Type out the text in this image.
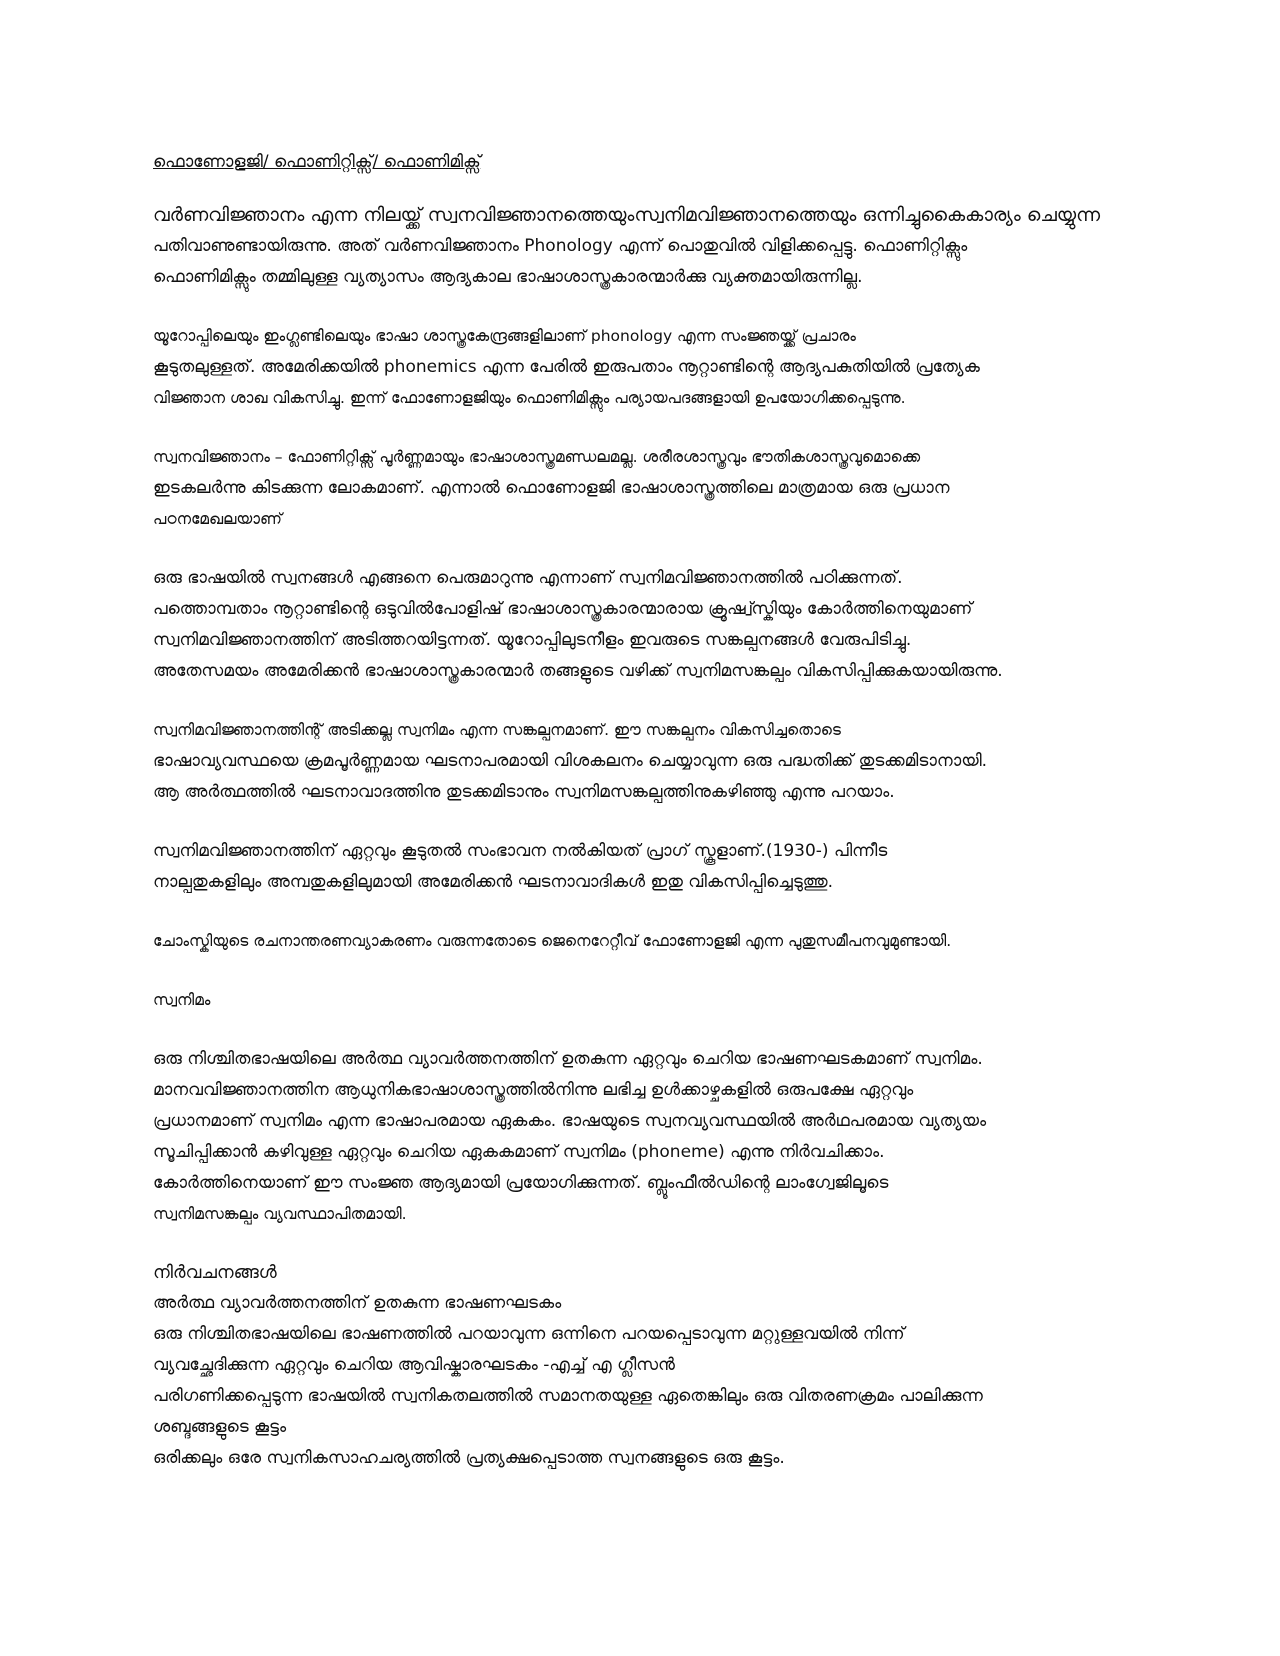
ഫൊണോളജി/ ഫൊണിറ്റിക്സ്/ ഫൊണിമിക്സ്
വർണവിജ്ഞാനം എന്ന നിലയ്ക്ക് സ്വനവിജ്ഞാനത്തെയുംസ്വനിമവിജ്ഞാനത്തെയും ഒന്നിച്ചുകൈകാര്യം ചെയ്യുന്ന
പതിവാണുണ്ടായിരുന്നു. അത് വർണവിജ്ഞാനം Phonology എന്ന് പൊതുവിൽ വിളിക്കപ്പെട്ടു. ഫൊണിറ്റിക്സും
ഫൊണിമിക്സും തമ്മിലുള്ള വ്യത്യാസം ആദ്യകാല ഭാഷാശാസ്ത്രകാരന്മാർക്കു വ്യക്തമായിരുന്നില്ല.
യൂറോപ്പിലെയും ഇംഗ്ലണ്ടിലെയും ഭാഷാ ശാസ്ത്രകേന്ദ്രങ്ങളിലാണ് phonology എന്ന സംജ്ഞയ്ക്ക് പ്രചാരം
കൂടുതലുള്ളത്. അമേരിക്കയിൽ phonemics എന്ന പേരിൽ ഇരുപതാം നൂറ്റാണ്ടിന്റെ ആദ്യപകുതിയിൽ പ്രത്യേക
വിജ്ഞാന ശാഖ വികസിച്ചു. ഇന്ന് ഫോണോളജിയും ഫൊണിമിക്സും പര്യായപദങ്ങളായി ഉപയോഗിക്കപ്പെടുന്നു.
സ്വനവിജ്ഞാനം – ഫോണിറ്റിക്സ് പൂർണ്ണമായും ഭാഷാശാസ്ത്രമണ്ഡലമല്ല. ശരീരശാസ്ത്രവും ഭൗതികശാസ്ത്രവുമൊക്കെ
ഇടകലർന്നു കിടക്കുന്ന ലോകമാണ്. എന്നാൽ ഫൊണോളജി ഭാഷാശാസ്ത്രത്തിലെ മാത്രമായ ഒരു പ്രധാന
പഠനമേഖലയാണ്
ഒരു ഭാഷയിൽ സ്വനങ്ങൾ എങ്ങനെ പെരുമാറുന്നു എന്നാണ് സ്വനിമവിജ്ഞാനത്തിൽ പഠിക്കുന്നത്.
പത്തൊമ്പതാം നൂറ്റാണ്ടിന്റെ ഒടുവിൽപോളിഷ് ഭാഷാശാസ്ത്രകാരന്മാരായ ക്രൂഷ്വ്സ്കിയും കോർത്തിനെയുമാണ്
സ്വനിമവിജ്ഞാനത്തിന് അടിത്തറയിട്ടന്നത്. യൂറോപ്പിലുടനീളം ഇവരുടെ സങ്കല്പനങ്ങൾ വേരുപിടിച്ചു.
അതേസമയം അമേരിക്കൻ ഭാഷാശാസ്ത്രകാരന്മാർ തങ്ങളുടെ വഴിക്ക് സ്വനിമസങ്കല്പം വികസിപ്പിക്കുകയായിരുന്നു.
സ്വനിമവിജ്ഞാനത്തിന്റ് അടിക്കല്ല സ്വനിമം എന്ന സങ്കല്പനമാണ്. ഈ സങ്കല്പനം വികസിച്ചതൊടെ
ഭാഷാവ്യവസ്ഥയെ ക്രമപൂർണ്ണമായ ഘടനാപരമായി വിശകലനം ചെയ്യാവുന്ന ഒരു പദ്ധതിക്ക് തുടക്കമിടാനായി.
ആ അർത്ഥത്തിൽ ഘടനാവാദത്തിനു തുടക്കമിടാനും സ്വനിമസങ്കല്പത്തിനുകഴിഞ്ഞു എന്നു പറയാം.
സ്വനിമവിജ്ഞാനത്തിന് ഏറ്റവും കൂടുതൽ സംഭാവന നൽകിയത് പ്രാഗ് സ്കൂളാണ്.(1930-) പിന്നീട
നാല്പതുകളിലും അമ്പതുകളിലുമായി അമേരിക്കൻ ഘടനാവാദികൾ ഇതു വികസിപ്പിച്ചെടുത്തു.
ചോംസ്കിയുടെ രചനാന്തരണവ്യാകരണം വരുന്നതോടെ ജെനെറേറ്റീവ് ഫോണോളജി എന്ന പുതുസമീപനവുമുണ്ടായി.
സ്വനിമം
ഒരു നിശ്ചിതഭാഷയിലെ അർത്ഥ വ്യാവർത്തനത്തിന് ഉതകുന്ന ഏറ്റവും ചെറിയ ഭാഷണഘടകമാണ് സ്വനിമം.
മാനവവിജ്ഞാനത്തിന ആധുനികഭാഷാശാസ്ത്രത്തിൽനിന്നു ലഭിച്ച ഉൾക്കാഴ്ചകളിൽ ഒരുപക്ഷേ ഏറ്റവും
പ്രധാനമാണ് സ്വനിമം എന്ന ഭാഷാപരമായ ഏകകം. ഭാഷയുടെ സ്വനവ്യവസ്ഥയിൽ അർഥപരമായ വ്യത്യയം
സൂചിപ്പിക്കാൻ കഴിവുള്ള ഏറ്റവും ചെറിയ ഏകകമാണ് സ്വനിമം (phoneme) എന്നു നിർവചിക്കാം.
കോർത്തിനെയാണ് ഈ സംജ്ഞ ആദ്യമായി പ്രയോഗിക്കുന്നത്. ബ്ലൂംഫീൽഡിന്റെ ലാംഗ്വേജിലൂടെ
സ്വനിമസങ്കല്പം വ്യവസ്ഥാപിതമായി.
നിർവചനങ്ങൾ
അർത്ഥ വ്യാവർത്തനത്തിന് ഉതകുന്ന ഭാഷണഘടകം
ഒരു നിശ്ചിതഭാഷയിലെ ഭാഷണത്തിൽ പറയാവുന്ന ഒന്നിനെ പറയപ്പെടാവുന്ന മറ്റുള്ളവയിൽ നിന്ന്
വ്യവച്ഛേദിക്കുന്ന ഏറ്റവും ചെറിയ ആവിഷ്കാരഘടകം -എച്ച് എ ഗ്ലീസൻ
പരിഗണിക്കപ്പെടുന്ന ഭാഷയിൽ സ്വനികതലത്തിൽ സമാനതയുള്ള ഏതെങ്കിലും ഒരു വിതരണക്രമം പാലിക്കുന്ന
ശബ്ദങ്ങളുടെ കൂട്ടം
ഒരിക്കലും ഒരേ സ്വനികസാഹചര്യത്തിൽ പ്രത്യക്ഷപ്പെടാത്ത സ്വനങ്ങളുടെ ഒരു കൂട്ടം.
